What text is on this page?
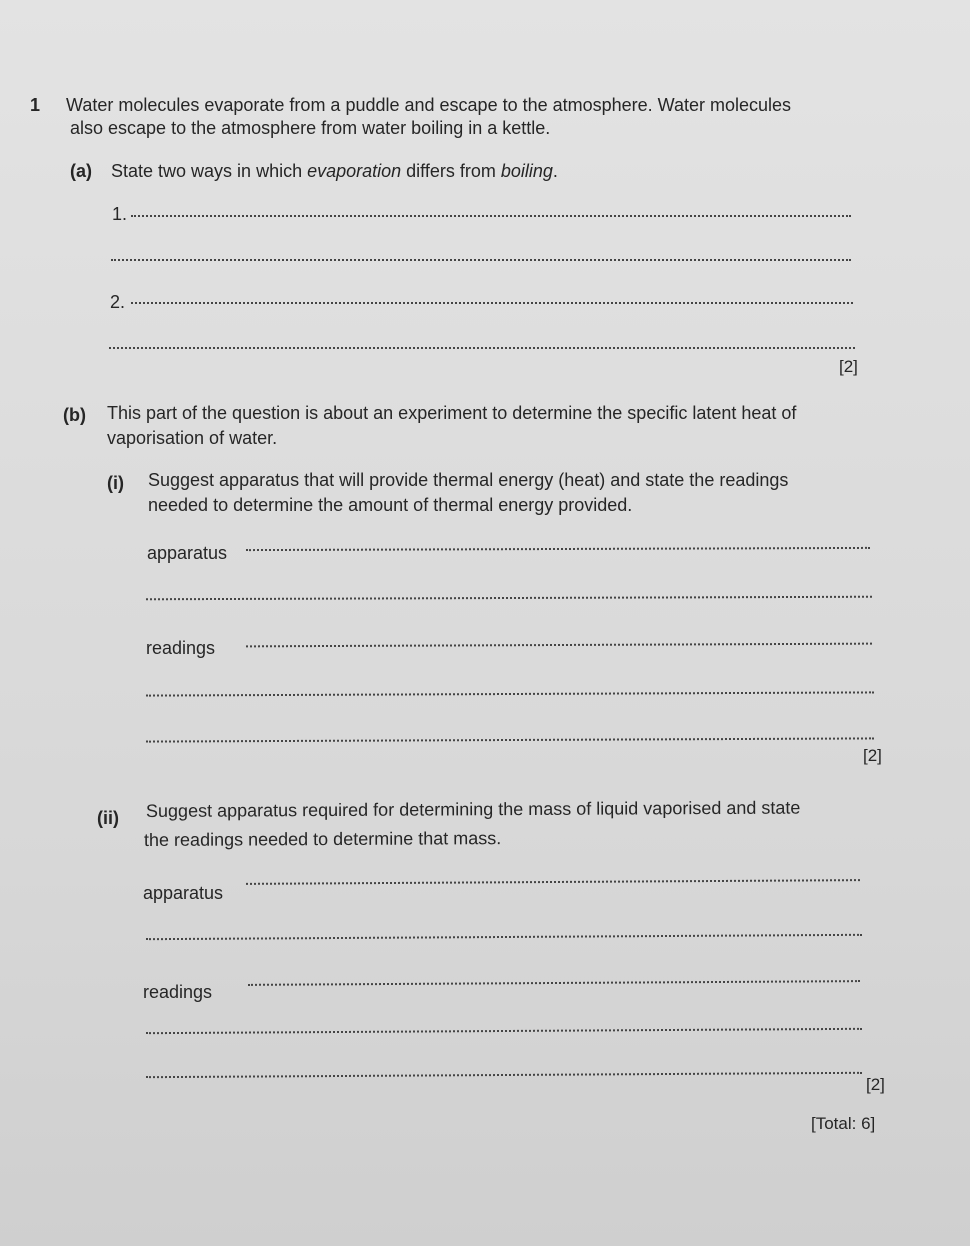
1 Water molecules evaporate from a puddle and escape to the atmosphere. Water molecules
also escape to the atmosphere from water boiling in a kettle.
(a) State two ways in which evaporation differs from boiling.
1.
2.
[2]
(b) This part of the question is about an experiment to determine the specific latent heat of
vaporisation of water.
(i) Suggest apparatus that will provide thermal energy (heat) and state the readings
needed to determine the amount of thermal energy provided.
apparatus
readings
[2]
(ii) Suggest apparatus required for determining the mass of liquid vaporised and state
the readings needed to determine that mass.
apparatus
readings
[2]
[Total: 6]
